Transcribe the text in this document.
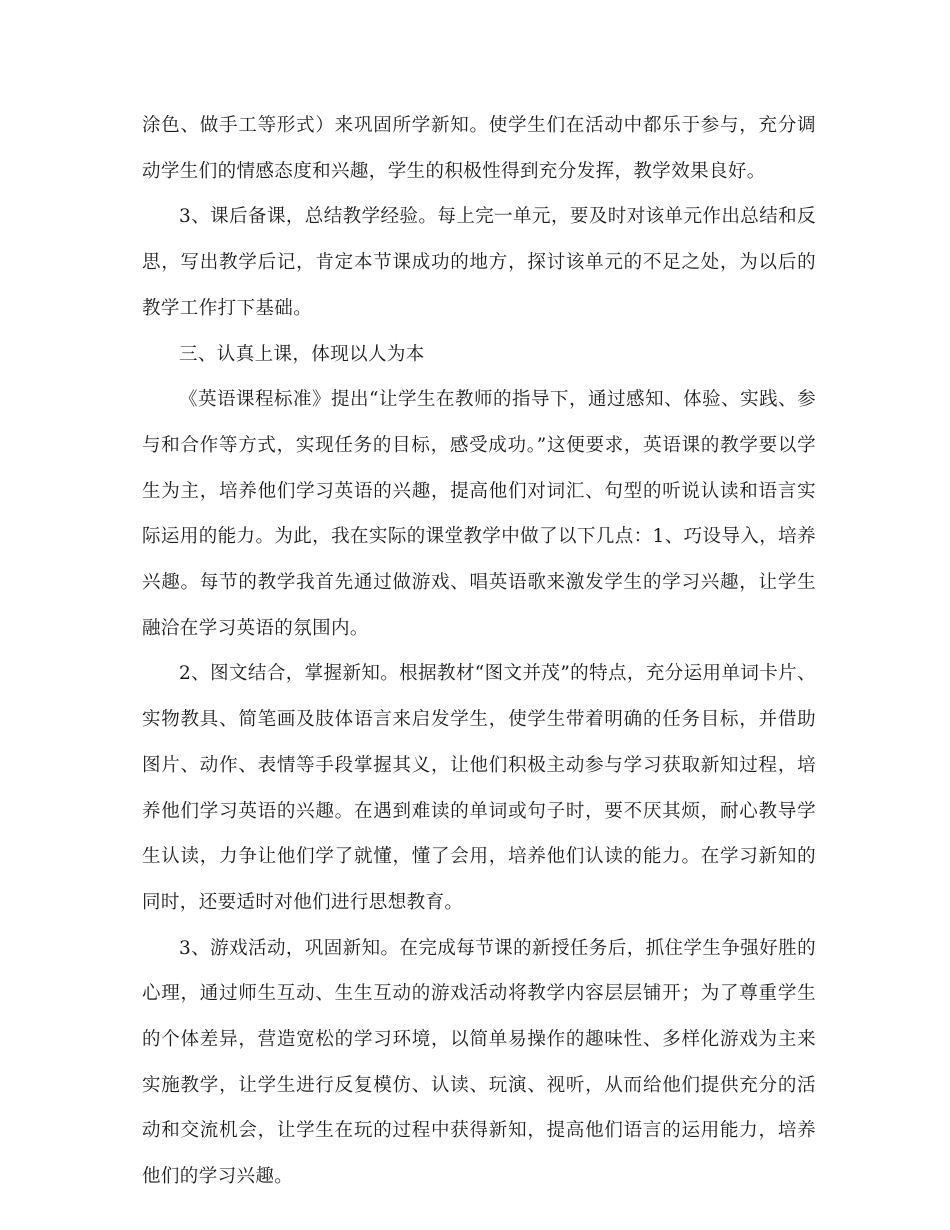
涂色、做手工等形式）来巩固所学新知。使学生们在活动中都乐于参与，充分调动学生们的情感态度和兴趣，学生的积极性得到充分发挥，教学效果良好。

3、课后备课，总结教学经验。每上完一单元，要及时对该单元作出总结和反思，写出教学后记，肯定本节课成功的地方，探讨该单元的不足之处，为以后的教学工作打下基础。

三、认真上课，体现以人为本

《英语课程标准》提出“让学生在教师的指导下，通过感知、体验、实践、参与和合作等方式，实现任务的目标，感受成功。”这便要求，英语课的教学要以学生为主，培养他们学习英语的兴趣，提高他们对词汇、句型的听说认读和语言实际运用的能力。为此，我在实际的课堂教学中做了以下几点：1、巧设导入，培养兴趣。每节的教学我首先通过做游戏、唱英语歌来激发学生的学习兴趣，让学生融洽在学习英语的氛围内。

2、图文结合，掌握新知。根据教材“图文并茂”的特点，充分运用单词卡片、实物教具、简笔画及肢体语言来启发学生，使学生带着明确的任务目标，并借助图片、动作、表情等手段掌握其义，让他们积极主动参与学习获取新知过程，培养他们学习英语的兴趣。在遇到难读的单词或句子时，要不厌其烦，耐心教导学生认读，力争让他们学了就懂，懂了会用，培养他们认读的能力。在学习新知的同时，还要适时对他们进行思想教育。

3、游戏活动，巩固新知。在完成每节课的新授任务后，抓住学生争强好胜的心理，通过师生互动、生生互动的游戏活动将教学内容层层铺开；为了尊重学生的个体差异，营造宽松的学习环境，以简单易操作的趣味性、多样化游戏为主来实施教学，让学生进行反复模仿、认读、玩演、视听，从而给他们提供充分的活动和交流机会，让学生在玩的过程中获得新知，提高他们语言的运用能力，培养他们的学习兴趣。
